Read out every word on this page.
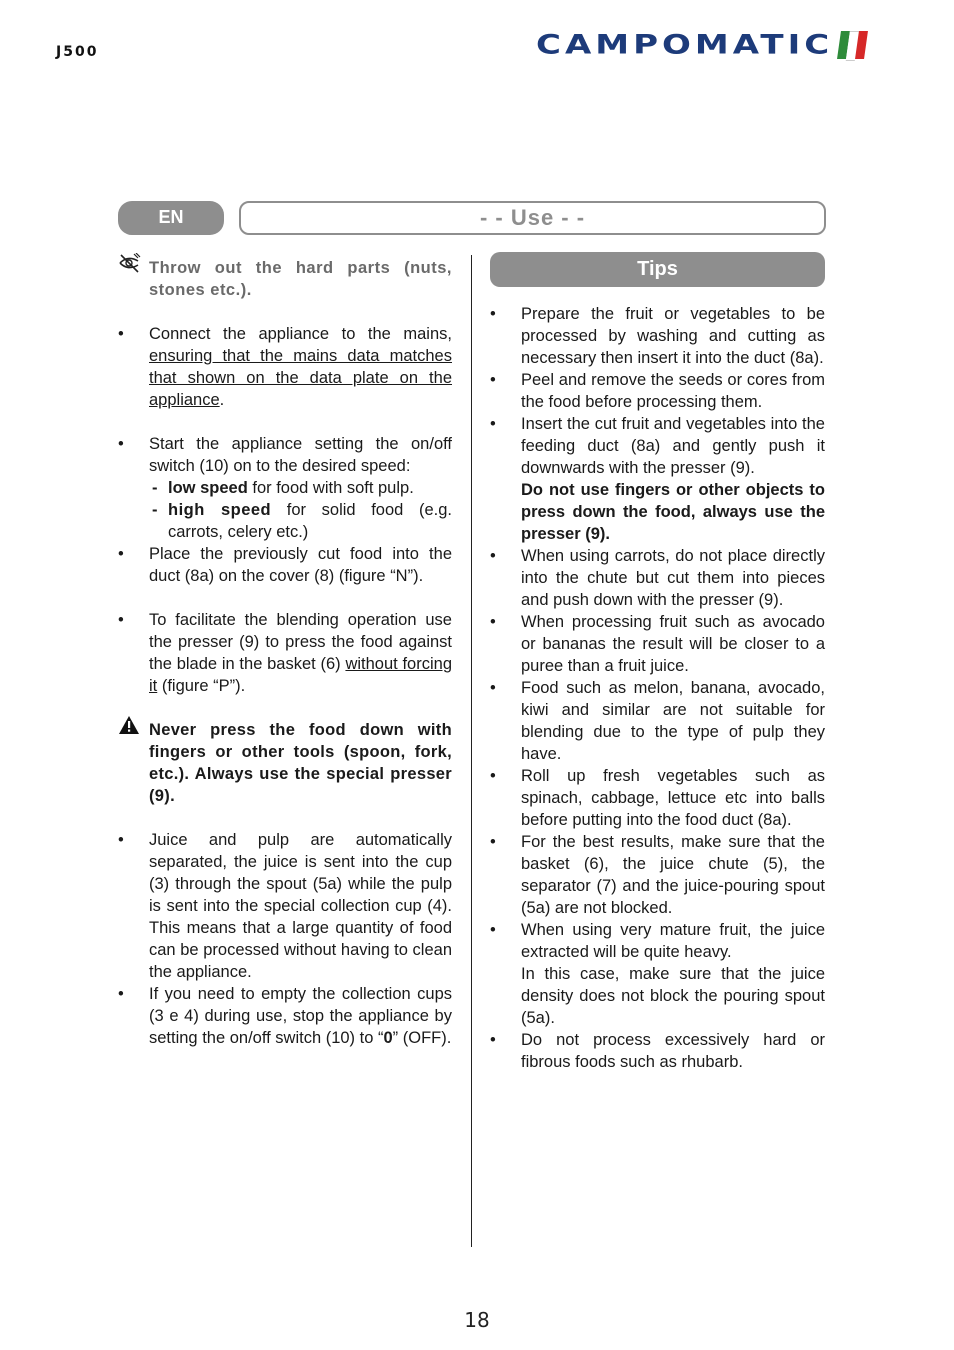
J500	CAMPOMATIC
EN	- - Use - -
Throw out the hard parts (nuts, stones etc.).
• Connect the appliance to the mains, ensuring that the mains data matches that shown on the data plate on the appliance.
• Start the appliance setting the on/off switch (10) on to the desired speed:
- low speed for food with soft pulp.
- high speed for solid food (e.g. carrots, celery etc.)
• Place the previously cut food into the duct (8a) on the cover (8) (figure “N”).
• To facilitate the blending operation use the presser (9) to press the food against the blade in the basket (6) without forcing it (figure “P”).
Never press the food down with fingers or other tools (spoon, fork, etc.). Always use the special presser (9).
• Juice and pulp are automatically separated, the juice is sent into the cup (3) through the spout (5a) while the pulp is sent into the special collection cup (4). This means that a large quantity of food can be processed without having to clean the appliance.
• If you need to empty the collection cups (3 e 4) during use, stop the appliance by setting the on/off switch (10) to “0” (OFF).
Tips
• Prepare the fruit or vegetables to be processed by washing and cutting as necessary then insert it into the duct (8a).
• Peel and remove the seeds or cores from the food before processing them.
• Insert the cut fruit and vegetables into the feeding duct (8a) and gently push it downwards with the presser (9).
Do not use fingers or other objects to press down the food, always use the presser (9).
• When using carrots, do not place directly into the chute but cut them into pieces and push down with the presser (9).
• When processing fruit such as avocado or bananas the result will be closer to a puree than a fruit juice.
• Food such as melon, banana, avocado, kiwi and similar are not suitable for blending due to the type of pulp they have.
• Roll up fresh vegetables such as spinach, cabbage, lettuce etc into balls before putting into the food duct (8a).
• For the best results, make sure that the basket (6), the juice chute (5), the separator (7) and the juice-pouring spout (5a) are not blocked.
• When using very mature fruit, the juice extracted will be quite heavy.
In this case, make sure that the juice density does not block the pouring spout (5a).
• Do not process excessively hard or fibrous foods such as rhubarb.
18
